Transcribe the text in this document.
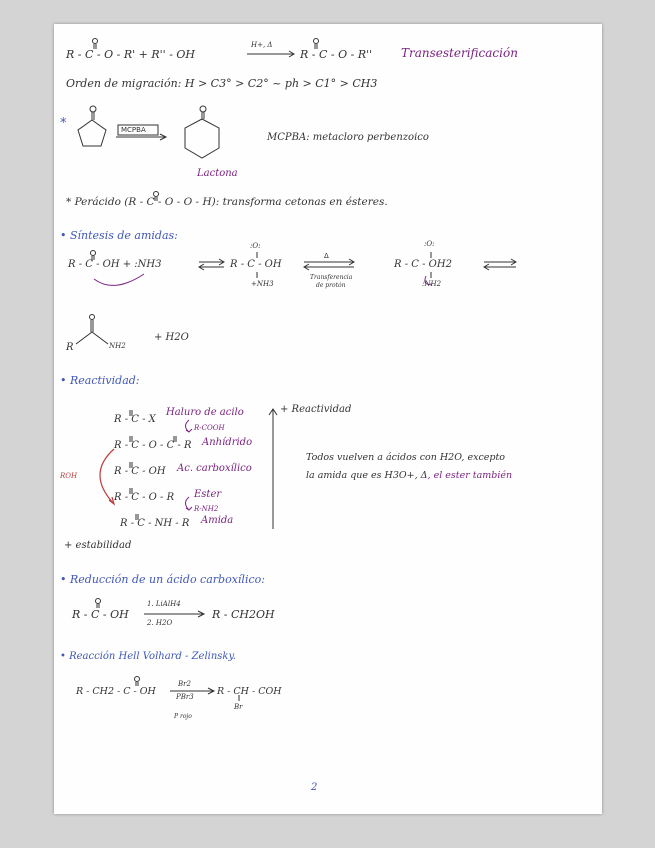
R - C - O - R' + R'' - OH
H+, Δ
R - C - O - R'' Transesterificación
Orden de migración: H > C3° > C2° ~ ph > C1° > CH3
*	MCPBA
Lactona
MCPBA: metacloro perbenzoico
* Perácido (R - C - O - O - H): transforma cetonas en ésteres.
• Síntesis de amidas:
R - C - OH + :NH3
:O:
R - C - OH
+NH3
Δ
Transferencia
de protón
:O:
R - C - OH2
:NH2
R	NH2
+ H2O
• Reactividad:
R - C - X
Haluro de acilo
R-COOH
R - C - O - C - R Anhídrido
R - C - OH Ac. carboxílico
R - C - O - R Ester
R-NH2
R - C - NH - R Amida
ROH
+ Reactividad
+ estabilidad
Todos vuelven a ácidos con H2O, excepto
la amida que es H3O+, Δ, el ester también
• Reducción de un ácido carboxílico:
R - C - OH
1. LiAlH4
2. H2O
R - CH2OH
• Reacción Hell Volhard - Zelinsky.
R - CH2 - C - OH
Br2
PBr3
P rojo
R - CH - COH
Br
2
